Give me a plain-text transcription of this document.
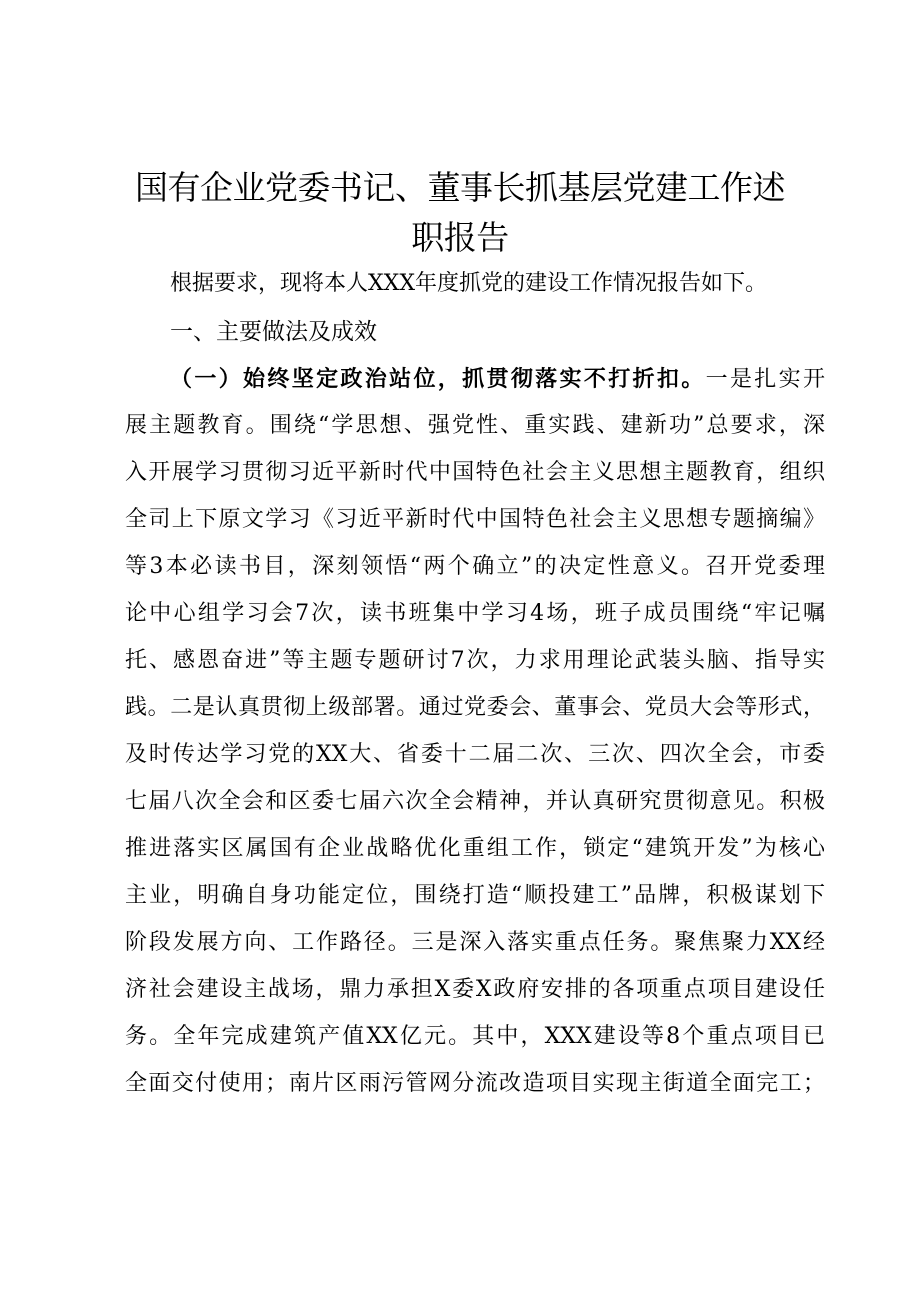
国有企业党委书记、董事长抓基层党建工作述
职报告
根据要求，现将本人XXX年度抓党的建设工作情况报告如下。
一、主要做法及成效
（一）始终坚定政治站位，抓贯彻落实不打折扣。一是扎实开
展主题教育。围绕“学思想、强党性、重实践、建新功”总要求，深
入开展学习贯彻习近平新时代中国特色社会主义思想主题教育，组织
全司上下原文学习《习近平新时代中国特色社会主义思想专题摘编》
等3本必读书目，深刻领悟“两个确立”的决定性意义。召开党委理
论中心组学习会7次，读书班集中学习4场，班子成员围绕“牢记嘱
托、感恩奋进”等主题专题研讨7次，力求用理论武装头脑、指导实
践。二是认真贯彻上级部署。通过党委会、董事会、党员大会等形式，
及时传达学习党的XX大、省委十二届二次、三次、四次全会，市委
七届八次全会和区委七届六次全会精神，并认真研究贯彻意见。积极
推进落实区属国有企业战略优化重组工作，锁定“建筑开发”为核心
主业，明确自身功能定位，围绕打造“顺投建工”品牌，积极谋划下
阶段发展方向、工作路径。三是深入落实重点任务。聚焦聚力XX经
济社会建设主战场，鼎力承担X委X政府安排的各项重点项目建设任
务。全年完成建筑产值XX亿元。其中，XXX建设等8个重点项目已
全面交付使用；南片区雨污管网分流改造项目实现主街道全面完工；
